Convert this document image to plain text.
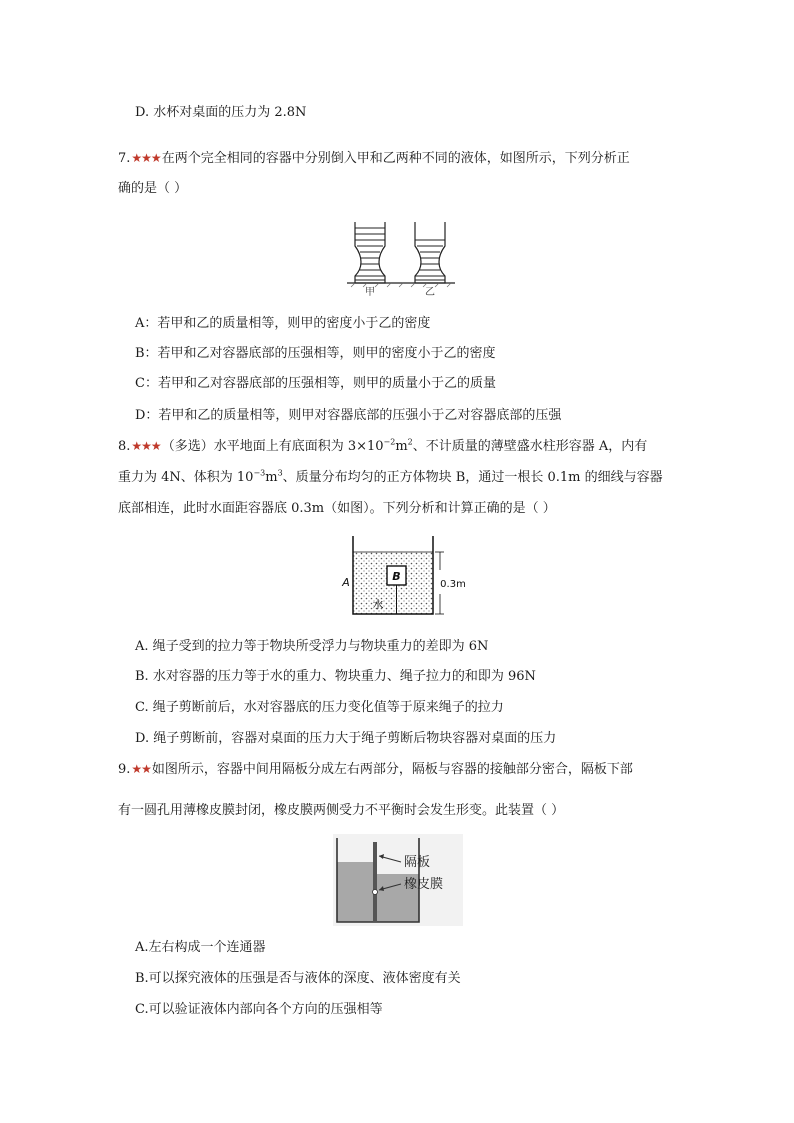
D. 水杯对桌面的压力为 2.8N
7.★★★在两个完全相同的容器中分别倒入甲和乙两种不同的液体，如图所示，下列分析正
确的是（ ）
甲	乙
A：若甲和乙的质量相等，则甲的密度小于乙的密度
B：若甲和乙对容器底部的压强相等，则甲的密度小于乙的密度
C：若甲和乙对容器底部的压强相等，则甲的质量小于乙的质量
D：若甲和乙的质量相等，则甲对容器底部的压强小于乙对容器底部的压强
8.★★★（多选）水平地面上有底面积为 $3\times 10^{-2}m^2$、不计质量的薄壁盛水柱形容器 A，内有
重力为 4N、体积为 $10^{-3}m^3$、质量分布均匀的正方体物块 B，通过一根长 0.1m 的细线与容器
底部相连，此时水面距容器底 0.3m（如图）。下列分析和计算正确的是（ ）
B
水
A	0.3m
A. 绳子受到的拉力等于物块所受浮力与物块重力的差即为 6N
B. 水对容器的压力等于水的重力、物块重力、绳子拉力的和即为 96N
C. 绳子剪断前后，水对容器底的压力变化值等于原来绳子的拉力
D. 绳子剪断前，容器对桌面的压力大于绳子剪断后物块容器对桌面的压力
9.★★如图所示，容器中间用隔板分成左右两部分，隔板与容器的接触部分密合，隔板下部
有一圆孔用薄橡皮膜封闭，橡皮膜两侧受力不平衡时会发生形变。此装置（ ）
隔板
橡皮膜
A.左右构成一个连通器
B.可以探究液体的压强是否与液体的深度、液体密度有关
C.可以验证液体内部向各个方向的压强相等
